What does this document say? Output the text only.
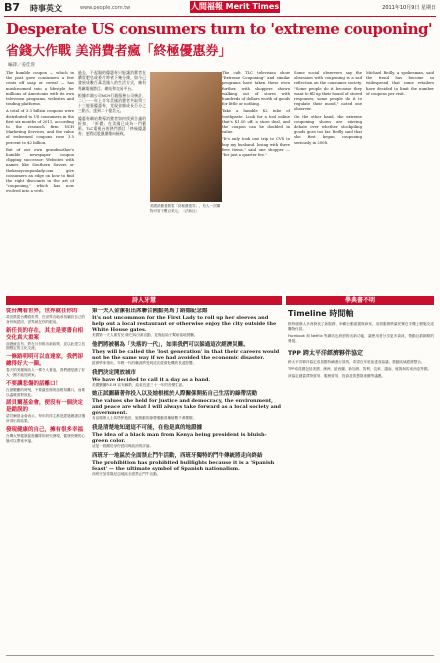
B7 時事英文	www.people.com.tw	人間福報 Merit Times	2011年10月9日 星期日
Desperate US consumers turn to 'extreme couponing'
省錢大作戰 美消費者瘋「終極優惠券」
編譯／姜佳蓉

The humble coupon — which in the past gave consumers a few cents off soap or cereal — has mushroomed into a lifestyle for millions of Americans with its own television programs, websites and trading platforms.

A total of 3.3 billion coupons were distributed to US consumers in the first six months of 2011, according to the research firm NCH Marketing Services, and the value of redeemed coupons rose 3.5 percent to $2 billion.

But of our own grandmother's humble newspaper coupon clipping successor: Websites with names like Southern Savers or thekrazycouponlady.com give consumers an edge on how to find the right discounts in the art of "couponing," which has now evolved into a verb.

過去，不起眼的優惠券只能讓消費者在購買肥皂或麥片時省下幾分錢，如今已發展成數百萬美國人的生活方式，擁有專屬電視節目、網站和交易平台。

根據市調公司NCH行銷服務公司統計，二〇一一年上半年美國消費者共取得三十三億張優惠券，兌現金額成長百分之三點五，達到二十億美元。

優惠券網站教導消費者如何找到合適的折扣，「折價」在美國已成為一門藝術。TLC電視台的熱門節目「終極優惠券」更將這股風潮推向極致。

美國消費者熱衷「終極優惠券」，有人一次購物可省下數百美元。（法新社）

The cult TLC television show "Extreme Couponing" and similar programs have taken these even further, with shoppers shown walking out of stores with hundreds of dollars worth of goods for little or nothing.

Take a humble $2 tube of toothpaste. Look for a tool online that's $1.50 off, a store deal, and the coupon can be doubled in value.

"It's only took one trip to CVS to buy my husband, losing with three free items," said one shopper — "for just a quarter fee."

Some social observers say the obsession with couponing is a sad reflection on the consumer society. "Some people do it because they want to fill up their hoard of stored responses; some people do it to regulate their mood," noted one observer.

On the other hand, the extreme couponing shows are stirring debate over whether stockpiling goods goes too far. Reilly said that she first began couponing seriously in 2008.

Michael Reilly, a spokesman, said the trend has become so widespread that some retailers have decided to limit the number of coupons per visit.

詩人牙慧	學典書不明
從台灣看世界，世界就在你的
黃崇凱從台灣看世界，在世界各地尋找屬於自己的身份與認同，世界就在你的眼前。
新任長的存在，其主是要書自相交化真大重案
前總統宣布，將在月份推出新政策，並以此建立長期穩定的文化交流。
一條路明明可以直達家，我們卻總得好大一圈。
春天的美麗像詩人一樣令人著迷，我們總是繞了好大一圈才能回到家。
不要讓悲傷的話離口！
在最艱難的時刻，不要讓悲傷的話輕易離口，而要以溫暖面對彼此。
諾貝爾基金會，便沒有一個決定是錯誤的
諾貝爾基金會表示，每年的得主都是經過嚴謹評選所得出的結果。
發現健康的自己，擁有很多幸福
台灣大學健康促進團隊的研究發現，健康快樂的心態可以帶來幸福。
第一夫人金潔祖出席聯合國點亮馬丁路德紀念館
It's not uncommon for the First Lady to roll up her sleeves and help out a local restaurant or otherwise enjoy the city outside the White House gates.
美國第一夫人蜜雪兒·歐巴馬出席活動，並挽起袖子幫助當地餐廳。
他們將被稱為「失落的一代」，如果我們可以躲過這次經濟災難。
They will be called the 'lost generation' in that their careers would not be the same way if we had avoided the economic disaster.
經濟學家指出，年輕一代的職涯將受到這次經濟危機的長遠影響。
我們決定開放城市
We have decided to call it a day as a band.
美國樂團R.E.M.宣布解散，結束長達三十一年的音樂生涯。
她正試圖藉著你投入以及她根植於人際關係開拓自己生活的綠帶活動
The values she held for justice and democracy, the environment, and peace are what I will always take forward as a local society and government.
肯亞環保人士馬塔伊逝世，她推動的綠帶運動曾種植數千萬棵樹。
我是清楚地知道這不可能，在他是真的地證據
The idea of a black man from Kenya being president is bluish-green color.
這是一段關於身份認同與政治的評論。
西班牙一地區於全面禁止鬥牛活動，西班牙獨特的鬥牛傳統將走向終結
The prohibition has prohibited bullfights because it is a 'Spanish feast' — the ultimate symbol of Spanish nationalism.
西班牙加泰隆尼亞地區全面禁止鬥牛活動。
Timeline 時間軸
推特創辦人多西發表了新服務，串聯行動裝置與商家。這項服務將讓民眾在手機上輕鬆完成購物付款。
Facebook 和 Netflix 等網站也紛紛推出新功能，讓使用者分享更多資訊，帶動社群網路的發展。
TPP 跨太平洋經濟夥伴協定
跨太平洋夥伴協定成員國持續進行談判，希望在年底前達成協議，推動區域經濟整合。
TPP成員國包括美國、澳洲、紐西蘭、新加坡、智利、汶萊、越南、秘魯與馬來西亞等國。
該協定涵蓋貨物貿易、服務貿易、投資及智慧財產權等議題。
